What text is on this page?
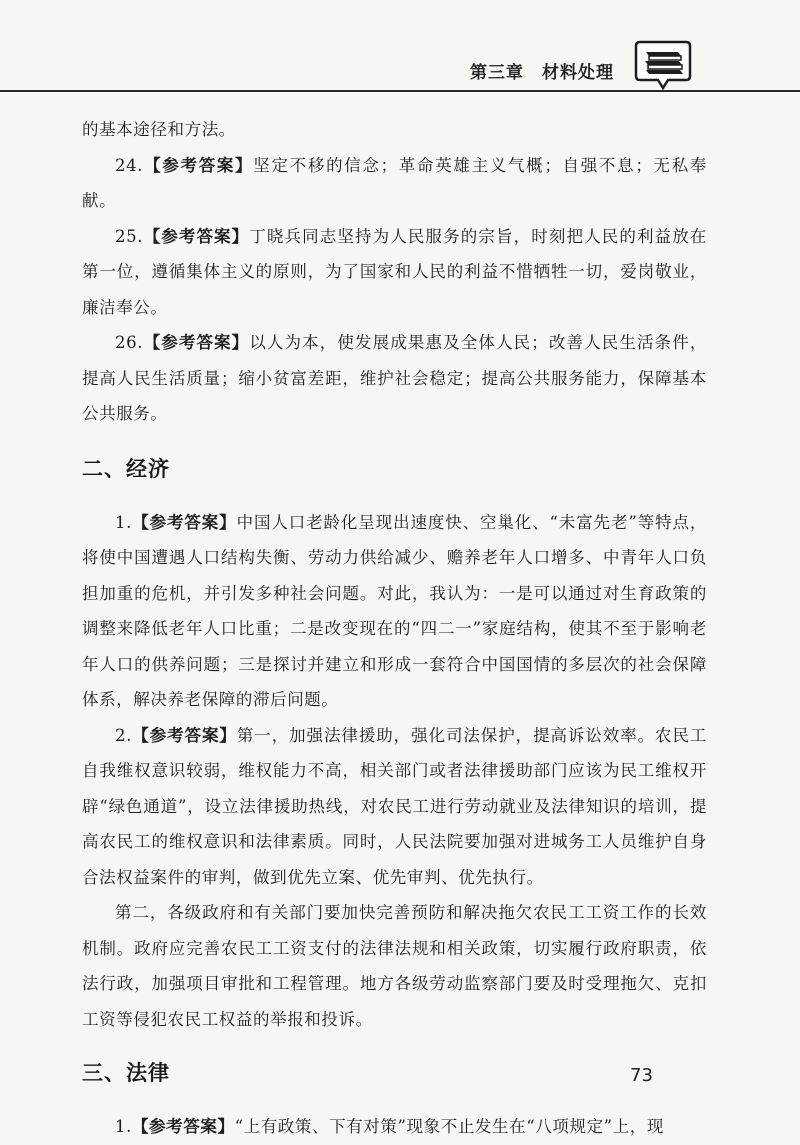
第三章　材料处理

的基本途径和方法。

24.【参考答案】坚定不移的信念；革命英雄主义气概；自强不息；无私奉献。

25.【参考答案】丁晓兵同志坚持为人民服务的宗旨，时刻把人民的利益放在第一位，遵循集体主义的原则，为了国家和人民的利益不惜牺牲一切，爱岗敬业，廉洁奉公。

26.【参考答案】以人为本，使发展成果惠及全体人民；改善人民生活条件，提高人民生活质量；缩小贫富差距，维护社会稳定；提高公共服务能力，保障基本公共服务。

二、经济

1.【参考答案】中国人口老龄化呈现出速度快、空巢化、“未富先老”等特点，将使中国遭遇人口结构失衡、劳动力供给减少、赡养老年人口增多、中青年人口负担加重的危机，并引发多种社会问题。对此，我认为：一是可以通过对生育政策的调整来降低老年人口比重；二是改变现在的“四二一”家庭结构，使其不至于影响老年人口的供养问题；三是探讨并建立和形成一套符合中国国情的多层次的社会保障体系，解决养老保障的滞后问题。

2.【参考答案】第一，加强法律援助，强化司法保护，提高诉讼效率。农民工自我维权意识较弱，维权能力不高，相关部门或者法律援助部门应该为民工维权开辟“绿色通道”，设立法律援助热线，对农民工进行劳动就业及法律知识的培训，提高农民工的维权意识和法律素质。同时，人民法院要加强对进城务工人员维护自身合法权益案件的审判，做到优先立案、优先审判、优先执行。

第二，各级政府和有关部门要加快完善预防和解决拖欠农民工工资工作的长效机制。政府应完善农民工工资支付的法律法规和相关政策，切实履行政府职责，依法行政，加强项目审批和工程管理。地方各级劳动监察部门要及时受理拖欠、克扣工资等侵犯农民工权益的举报和投诉。

三、法律

1.【参考答案】“上有政策、下有对策”现象不止发生在“八项规定”上，现

73
